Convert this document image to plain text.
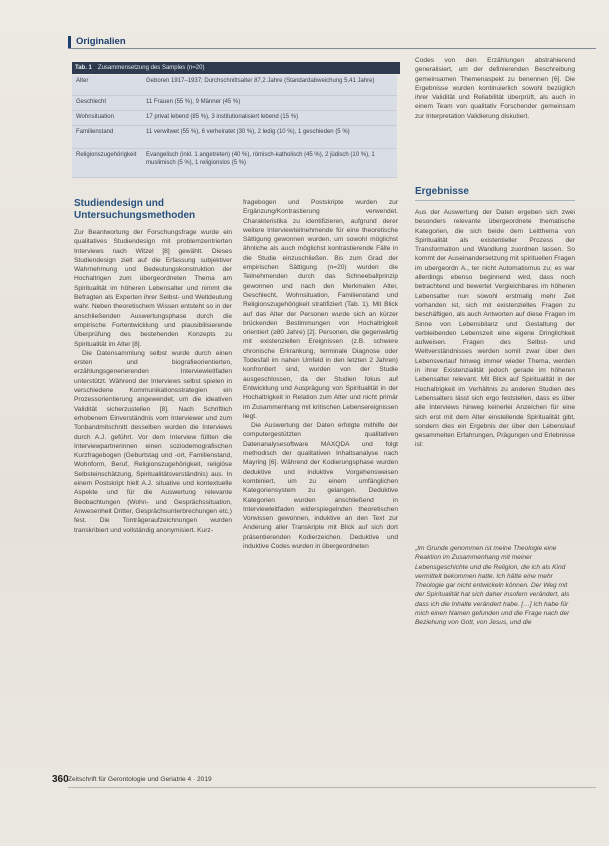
Originalien
Tab. 1 Zusammensetzung des Samples (n=20)
Alter	Geboren 1917–1937; Durchschnittsalter 87,2 Jahre (Standardabweichung 5,41 Jahre)
Geschlecht	11 Frauen (55 %), 9 Männer (45 %)
Wohnsituation	17 privat lebend (85 %), 3 institutionalisiert lebend (15 %)
Familienstand	11 verwitwet (55 %), 6 verheiratet (30 %), 2 ledig (10 %), 1 geschieden (5 %)
Religionszugehörigkeit	Evangelisch (inkl. 1 angetreten) (40 %), römisch-katholisch (45 %), 2 jüdisch (10 %), 1 muslimisch (5 %), 1 religionslos (5 %)
Studiendesign und Untersuchungsmethoden

Zur Beantwortung der Forschungsfrage wurde ein qualitatives Studiendesign mit problemzentrierten Interviews nach Witzel [8] gewählt. Dieses Studiendesign zielt auf die Erfassung subjektiver Wahrnehmung und Bedeutungskonstruktion der Hochaltrigen zum übergeordneten Thema am Spiritualität im höheren Lebensalter und nimmt die Befragten als Experten ihrer Selbst- und Weltdeutung wahr. Neben theoretischem Wissen entsteht so in der anschließenden Auswertungsphase durch die empirische Fortentwicklung und plausibilisierende Überprüfung des bestehenden Konzepts zu Spiritualität im Alter [8].

Die Datensammlung selbst wurde durch einen ersten und biografieorientierten, erzählungsgenerierenden Interviewleitfaden unterstützt. Während der Interviews selbst spielen in verschiedene Kommunikationsstrategien ein Prozessorientierung angewendet, um die ideativen Validität sicherzustellen [8]. Nach Schriftlich erhobenem Einverständnis vom Interviewer und zum Tonbandmitschnitt desselben wurden die Interviews durch A.J. geführt. Vor dem Interview füllten die Interviewpartnerinnen einen soziodemografischen Kurzfragebogen (Geburtstag und -ort, Familienstand, Wohnform, Beruf, Religionszugehörigkeit, religiöse Selbsteinschätzung, Spiritualitätsverständnis) aus. In einem Postskript hielt A.J. situative und kontextuelle Aspekte und für die Auswertung relevante Beobachtungen (Wohn- und Gesprächssituation, Anwesenheit Dritter, Gesprächsunterbrechungen etc.) fest. Die Tonträgeraufzeichnungen wurden transkribiert und vollständig anonymisiert. Kurz-

fragebogen und Postskripte wurden zur Ergänzung/Kontrastierung verwendet. Charakteristika zu identifizieren, aufgrund derer weitere Interviewteilnehmende für eine theoretische Sättigung gewonnen wurden, um sowohl möglichst ähnliche als auch möglichst kontrastierende Fälle in die Studie einzuschließen. Bis zum Grad der empirischen Sättigung (n=20) wurden die Teilnehmenden durch das Schneeballprinzip gewonnen und nach den Merkmalen Alter, Geschlecht, Wohnsituation, Familienstand und Religionszugehörigkeit stratifiziert (Tab. 1). Mit Blick auf das Alter der Personen wurde sich an kürzer brückenden Bestimmungen von Hochaltrigkeit orientiert (≥80 Jahre) [2]. Personen, die gegenwärtig mit existenziellen Ereignissen (z.B. schwere chronische Erkrankung, terminale Diagnose oder Todesfall im nahen Umfeld in den letzten 2 Jahren) konfrontiert sind, wurden von der Studie ausgeschlossen, da der Studien fokus auf Entwicklung und Ausprägung von Spiritualität in der Hochaltrigkeit in Relation zum Alter und nicht primär im Zusammenhang mit kritischen Lebensereignissen liegt.

Die Auswertung der Daten erfolgte mithilfe der computergestützten qualitativen Datenanalysesoftware MAXQDA und folgt methodisch der qualitativen Inhaltsanalyse nach Mayring [6]. Während der Kodierungsphase wurden deduktive und induktive Vorgehensweisen kombiniert, um zu einem umfänglichen Kategoriensystem zu gelangen. Deduktive Kategorien wurden anschließend in Interviewleitfaden widerspiegelnden theoretischen Vorwissen gewonnen, induktive an den Text zur Anderung aller Transkripte mit Blick auf sich dort präsentierenden Kodierzeichen. Deduktive und induktive Codes wurden in übergeordneten

Codes von den Erzählungen abstrahierend generalisiert, um der definierenden Beschreibung gemeinsamen Themenaspekt zu benennen [6]. Die Ergebnisse wurden kontinuierlich sowohl bezüglich ihrer Validität und Reliabilität überprüft, als auch in einem Team von qualitativ Forschender gemeinsam zur Interpretation Validierung diskutiert.

Ergebnisse

Aus der Auswertung der Daten ergeben sich zwei besonders relevante übergeordnete thematische Kategorien, die sich beide dem Leitthema von Spiritualität als existentieller Prozess der Transformation und Wandlung zuordnen lassen. So kommt der Auseinandersetzung mit spirituellen Fragen im ubergeordn A., ter nicht Automatismus zu; es war allerdings ebenso beginnend wird, dass noch betrachtend und bewertet Vergleichbares im höheren Lebensalter nun sowohl erstmalig mehr Zeit vorhanden ist, sich mit existenzielles Fragen zu beschäftigen, als auch Antworten auf diese Fragen im Sinne von Lebensbilanz und Gestaltung der verbleibenden Lebenszeit eine eigene Dringlichkeit aufweisen. Fragen des Selbst- und Weltverständnisses werden somit zwar über den Lebensverlauf hinweg immer wieder Thema, werden in ihrer Existenzialität jedoch gerade im höheren Lebensalter relevant. Mit Blick auf Spiritualität in der Hochaltrigkeit im Verhältnis zu anderen Studien des Lebensalters lässt sich ergo feststellen, dass es über alle Interviews hinweg keinerlei Anzeichen für eine sich erst mit dem Alter einstellende Spiritualität gibt, sondern dies ein Ergebnis der über den Lebenslauf gesammelten Erfahrungen, Prägungen und Erlebnisse ist:

„Im Grunde genommen ist meine Theologie eine Reaktion im Zusammenhang mit meiner Lebensgeschichte und die Religion, die ich als Kind vermittelt bekommen hatte. Ich hätte eine mehr Theologie gar nicht entwickeln können. Der Weg mit der Spiritualität hat sich daher insofern verändert, als dass ich die Inhalte verändert habe. […] Ich habe für mich einen Namen gefunden und die Frage nach der Beziehung von Gott, von Jesus, und die
360 Zeitschrift für Gerontologie und Geriatrie 4 · 2019
